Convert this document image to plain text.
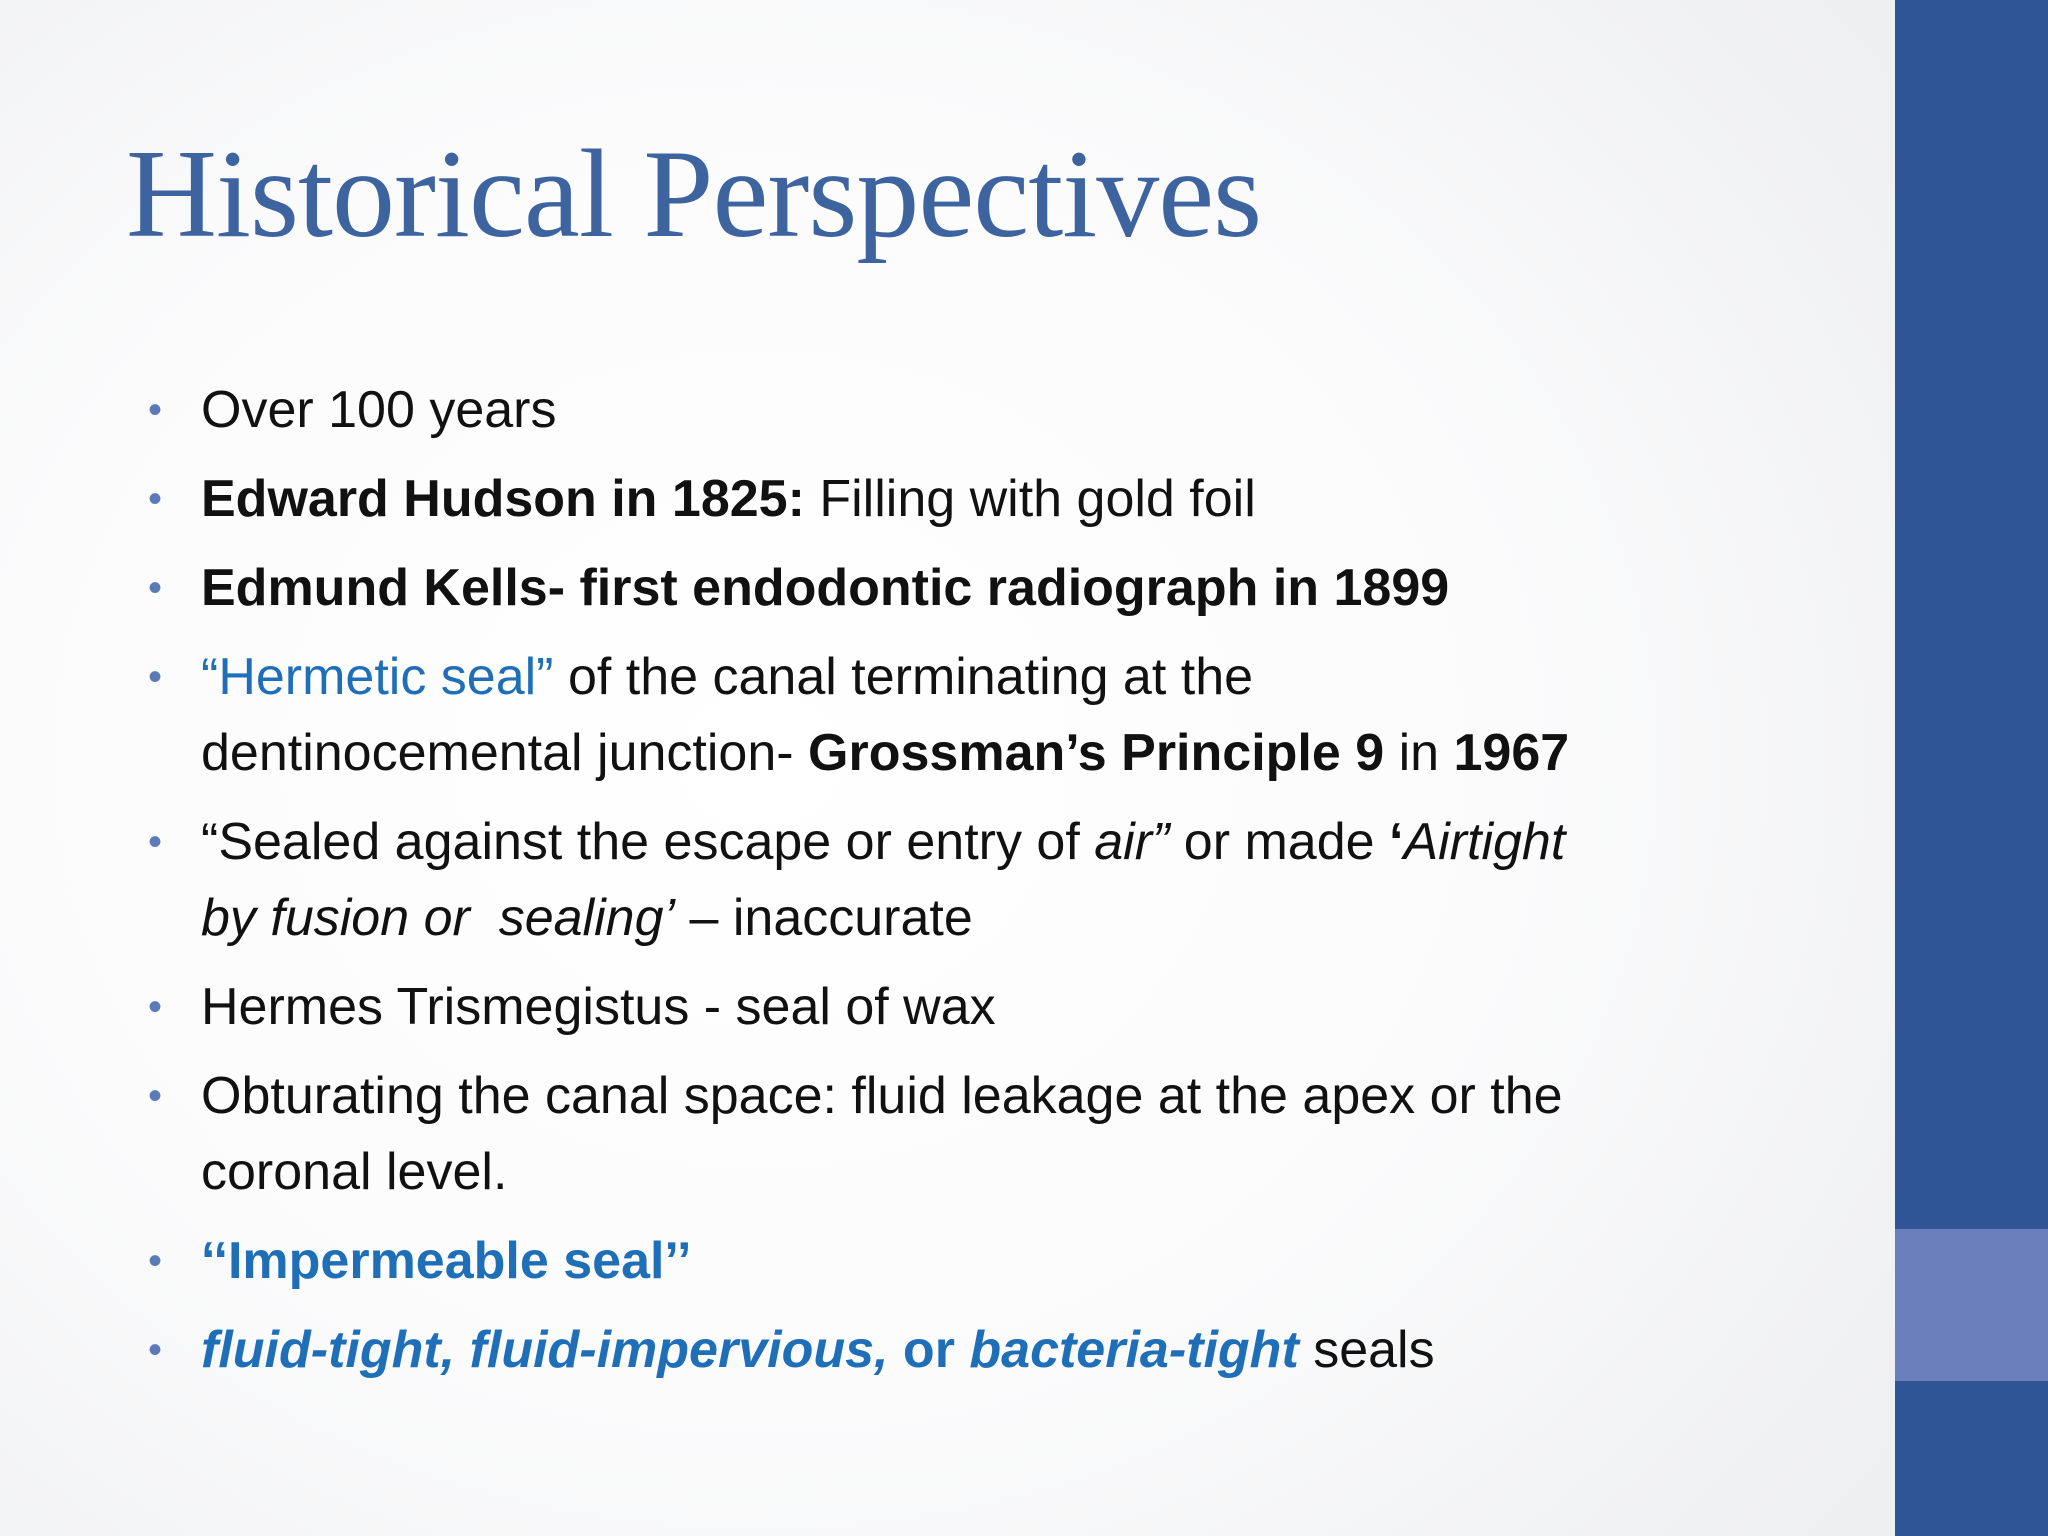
Historical Perspectives
• Over 100 years
• Edward Hudson in 1825: Filling with gold foil
• Edmund Kells- first endodontic radiograph in 1899
• “Hermetic seal” of the canal terminating at the
dentinocemental junction- Grossman’s Principle 9 in 1967
• “Sealed against the escape or entry of air” or made ‘Airtight
by fusion or  sealing’ – inaccurate
• Hermes Trismegistus - seal of wax
• Obturating the canal space: fluid leakage at the apex or the
coronal level.
• ‘‘Impermeable seal’’
• fluid-tight, fluid-impervious, or bacteria-tight seals
